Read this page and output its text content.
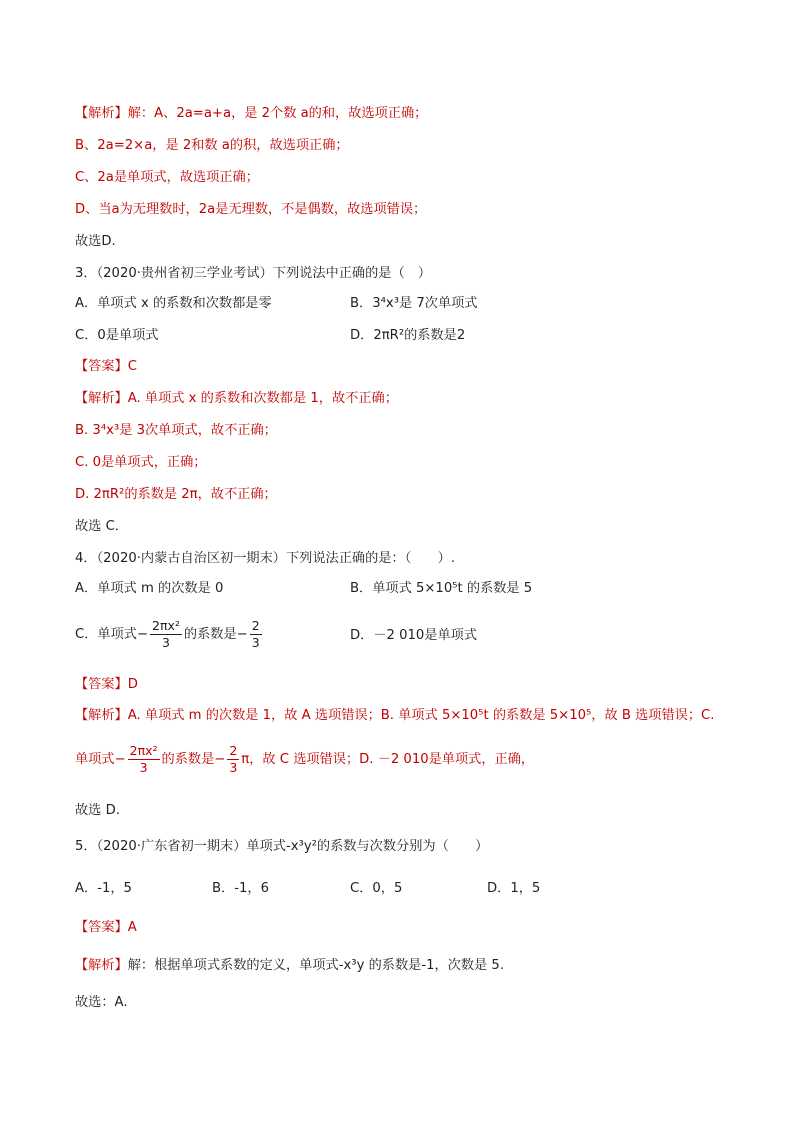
【解析】解：A、2a=a+a，是 2个数 a的和，故选项正确；
B、2a=2×a，是 2和数 a的积，故选项正确；
C、2a是单项式，故选项正确；
D、当a为无理数时，2a是无理数，不是偶数，故选项错误；
故选D.
3．（2020·贵州省初三学业考试）下列说法中正确的是（　）
A．单项式 x 的系数和次数都是零	B．3⁴x³是 7次单项式
C．0是单项式	D．2πR²的系数是2
【答案】C
【解析】A. 单项式 x 的系数和次数都是 1，故不正确；
B. 3⁴x³是 3次单项式，故不正确；
C. 0是单项式，正确；
D. 2πR²的系数是 2π，故不正确；
故选 C．
4．（2020·内蒙古自治区初一期末）下列说法正确的是：（　　）.
A．单项式 m 的次数是 0	B．单项式 5×10⁵t 的系数是 5
C．单项式 − $\frac{\text{2πx²}}{3}$ 的系数是 − $\frac{2}{3}$	D．－2 010是单项式
【答案】D
【解析】A. 单项式 m 的次数是 1，故 A 选项错误；B. 单项式 5×10⁵t 的系数是 5×10⁵，故 B 选项错误；C.
单项式 − $\frac{\text{2πx²}}{3}$ 的系数是 − $\frac{2}{3}$ π，故 C 选项错误；D. －2 010是单项式，正确，
故选 D.
5．（2020·广东省初一期末）单项式-x³y²的系数与次数分别为（　　）
A．-1，5	B．-1，6	C．0，5	D．1，5
【答案】A
【解析】解：根据单项式系数的定义，单项式-x³y 的系数是-1，次数是 5.
故选：A.
